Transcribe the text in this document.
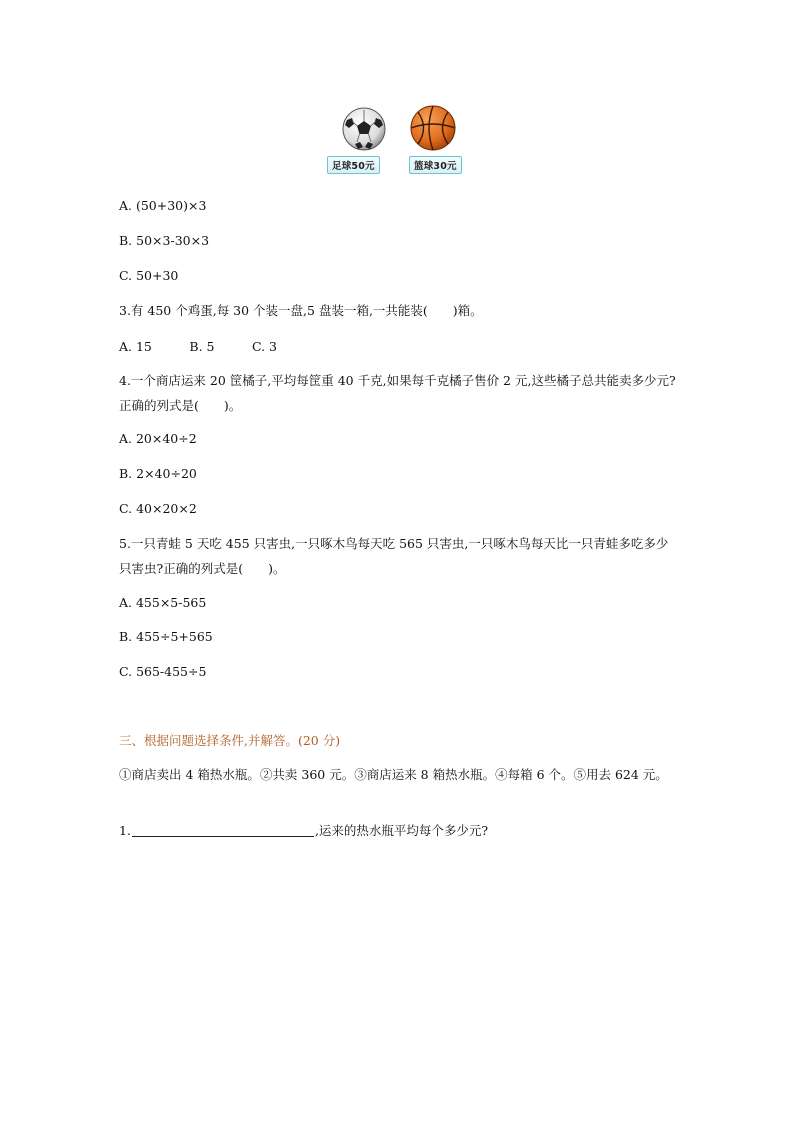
足球50元	篮球30元
A. (50+30)×3
B. 50×3-30×3
C. 50+30
3.有 450 个鸡蛋,每 30 个装一盘,5 盘装一箱,一共能装(　　)箱。
A. 15　　　B. 5　　　C. 3
4.一个商店运来 20 筐橘子,平均每筐重 40 千克,如果每千克橘子售价 2 元,这些橘子总共能卖多少元?正确的列式是(　　)。
A. 20×40÷2
B. 2×40÷20
C. 40×20×2
5.一只青蛙 5 天吃 455 只害虫,一只啄木鸟每天吃 565 只害虫,一只啄木鸟每天比一只青蛙多吃多少只害虫?正确的列式是(　　)。
A. 455×5-565
B. 455÷5+565
C. 565-455÷5
三、根据问题选择条件,并解答。(20 分)
①商店卖出 4 箱热水瓶。②共卖 360 元。③商店运来 8 箱热水瓶。④每箱 6 个。⑤用去 624 元。
1.	,运来的热水瓶平均每个多少元?
